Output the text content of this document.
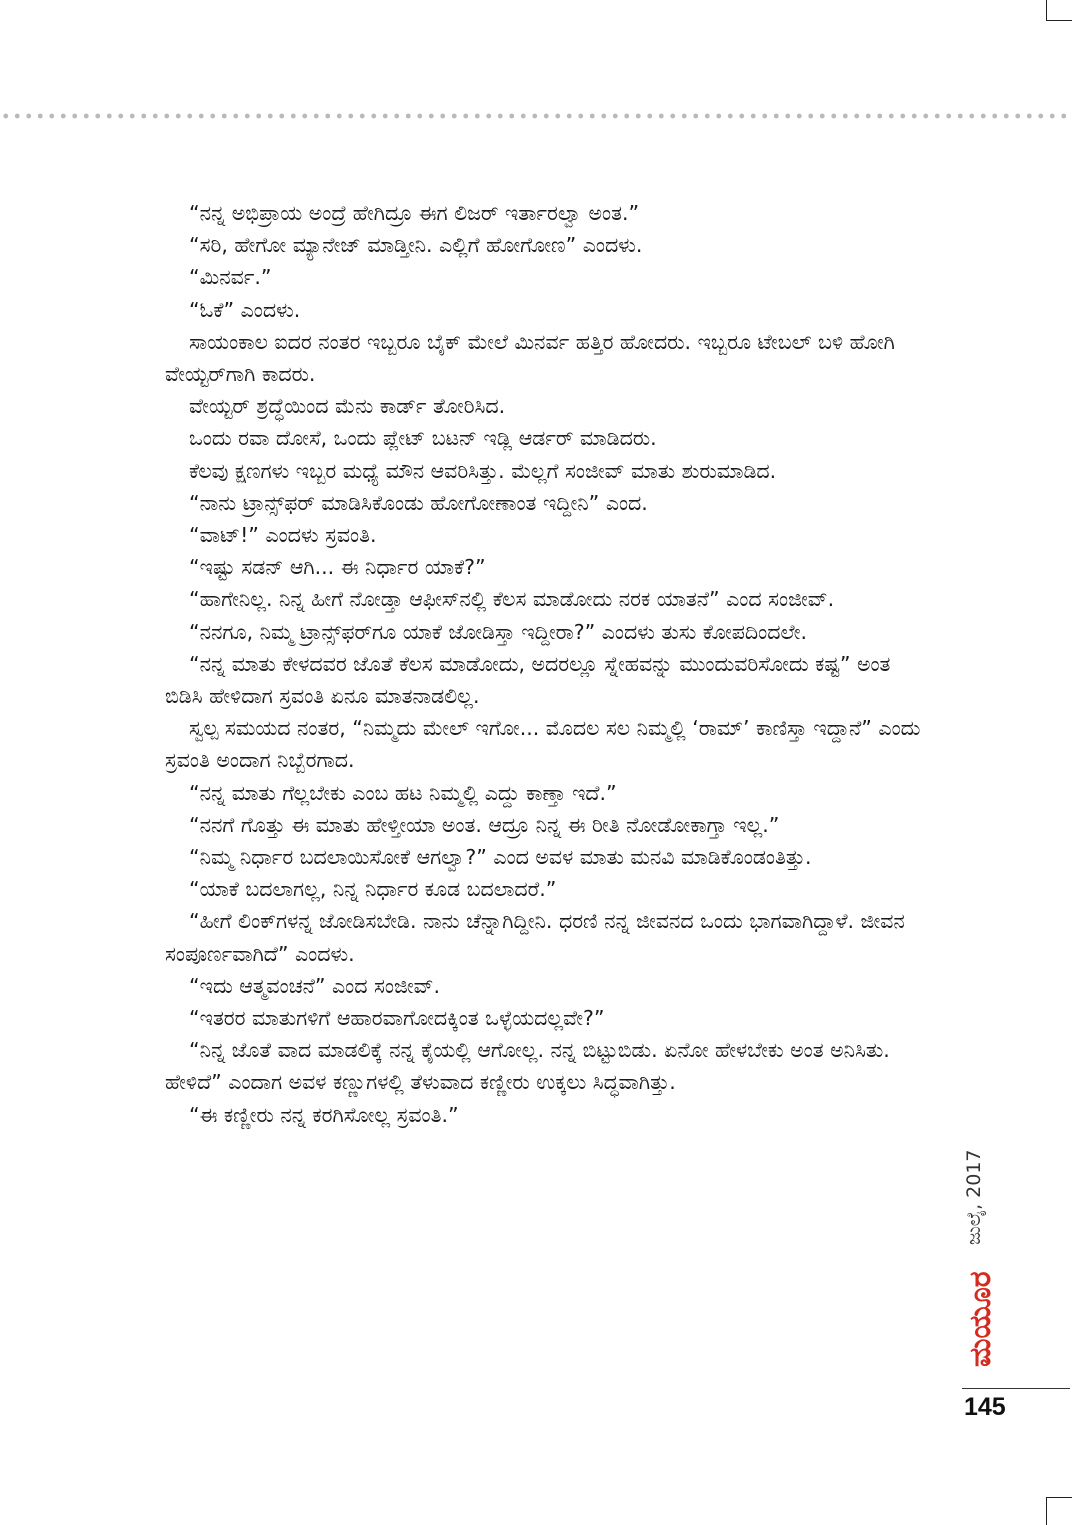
“ನನ್ನ ಅಭಿಪ್ರಾಯ ಅಂದ್ರೆ ಹೇಗಿದ್ರೂ ಈಗ ಲಿಜರ್ ಇರ್ತಾರಲ್ವಾ ಅಂತ.”

“ಸರಿ, ಹೇಗೋ ಮ್ಯಾನೇಜ್ ಮಾಡ್ತೀನಿ. ಎಲ್ಲಿಗೆ ಹೋಗೋಣ” ಎಂದಳು.

“ಮಿನರ್ವ.”

“ಓಕೆ” ಎಂದಳು.

ಸಾಯಂಕಾಲ ಐದರ ನಂತರ ಇಬ್ಬರೂ ಬೈಕ್ ಮೇಲೆ ಮಿನರ್ವ ಹತ್ತಿರ ಹೋದರು. ಇಬ್ಬರೂ ಟೇಬಲ್ ಬಳಿ ಹೋಗಿ ವೇಯ್ಟರ್‌ಗಾಗಿ ಕಾದರು.

ವೇಯ್ಟರ್ ಶ್ರದ್ಧೆಯಿಂದ ಮೆನು ಕಾರ್ಡ್ ತೋರಿಸಿದ.

ಒಂದು ರವಾ ದೋಸೆ, ಒಂದು ಪ್ಲೇಟ್ ಬಟನ್ ಇಡ್ಲಿ ಆರ್ಡರ್ ಮಾಡಿದರು.

ಕೆಲವು ಕ್ಷಣಗಳು ಇಬ್ಬರ ಮಧ್ಯೆ ಮೌನ ಆವರಿಸಿತ್ತು. ಮೆಲ್ಲಗೆ ಸಂಜೀವ್ ಮಾತು ಶುರುಮಾಡಿದ.

“ನಾನು ಟ್ರಾನ್ಸ್‌ಫರ್ ಮಾಡಿಸಿಕೊಂಡು ಹೋಗೋಣಾಂತ ಇದ್ದೀನಿ” ಎಂದ.

“ವಾಟ್!” ಎಂದಳು ಸ್ರವಂತಿ.

“ಇಷ್ಟು ಸಡನ್ ಆಗಿ... ಈ ನಿರ್ಧಾರ ಯಾಕೆ?”

“ಹಾಗೇನಿಲ್ಲ. ನಿನ್ನ ಹೀಗೆ ನೋಡ್ತಾ ಆಫೀಸ್‌ನಲ್ಲಿ ಕೆಲಸ ಮಾಡೋದು ನರಕ ಯಾತನೆ” ಎಂದ ಸಂಜೀವ್.

“ನನಗೂ, ನಿಮ್ಮ ಟ್ರಾನ್ಸ್‌ಫರ್‌ಗೂ ಯಾಕೆ ಜೋಡಿಸ್ತಾ ಇದ್ದೀರಾ?” ಎಂದಳು ತುಸು ಕೋಪದಿಂದಲೇ.

“ನನ್ನ ಮಾತು ಕೇಳದವರ ಜೊತೆ ಕೆಲಸ ಮಾಡೋದು, ಅದರಲ್ಲೂ ಸ್ನೇಹವನ್ನು ಮುಂದುವರಿಸೋದು ಕಷ್ಟ” ಅಂತ ಬಿಡಿಸಿ ಹೇಳಿದಾಗ ಸ್ರವಂತಿ ಏನೂ ಮಾತನಾಡಲಿಲ್ಲ.

ಸ್ವಲ್ಪ ಸಮಯದ ನಂತರ, “ನಿಮ್ಮದು ಮೇಲ್ ಇಗೋ... ಮೊದಲ ಸಲ ನಿಮ್ಮಲ್ಲಿ ‘ರಾಮ್’ ಕಾಣಿಸ್ತಾ ಇದ್ದಾನೆ” ಎಂದು ಸ್ರವಂತಿ ಅಂದಾಗ ನಿಬ್ಬೆರಗಾದ.

“ನನ್ನ ಮಾತು ಗೆಲ್ಲಬೇಕು ಎಂಬ ಹಟ ನಿಮ್ಮಲ್ಲಿ ಎದ್ದು ಕಾಣ್ತಾ ಇದೆ.”

“ನನಗೆ ಗೊತ್ತು ಈ ಮಾತು ಹೇಳ್ತೀಯಾ ಅಂತ. ಆದ್ರೂ ನಿನ್ನ ಈ ರೀತಿ ನೋಡೋಕಾಗ್ತಾ ಇಲ್ಲ.”

“ನಿಮ್ಮ ನಿರ್ಧಾರ ಬದಲಾಯಿಸೋಕೆ ಆಗಲ್ವಾ?” ಎಂದ ಅವಳ ಮಾತು ಮನವಿ ಮಾಡಿಕೊಂಡಂತಿತ್ತು.

“ಯಾಕೆ ಬದಲಾಗಲ್ಲ, ನಿನ್ನ ನಿರ್ಧಾರ ಕೂಡ ಬದಲಾದರೆ.”

“ಹೀಗೆ ಲಿಂಕ್‌ಗಳನ್ನ ಜೋಡಿಸಬೇಡಿ. ನಾನು ಚೆನ್ನಾಗಿದ್ದೀನಿ. ಧರಣಿ ನನ್ನ ಜೀವನದ ಒಂದು ಭಾಗವಾಗಿದ್ದಾಳೆ. ಜೀವನ ಸಂಪೂರ್ಣವಾಗಿದೆ” ಎಂದಳು.

“ಇದು ಆತ್ಮವಂಚನೆ” ಎಂದ ಸಂಜೀವ್.

“ಇತರರ ಮಾತುಗಳಿಗೆ ಆಹಾರವಾಗೋದಕ್ಕಿಂತ ಒಳ್ಳೆಯದಲ್ಲವೇ?”

“ನಿನ್ನ ಜೊತೆ ವಾದ ಮಾಡಲಿಕ್ಕೆ ನನ್ನ ಕೈಯಲ್ಲಿ ಆಗೋಲ್ಲ. ನನ್ನ ಬಿಟ್ಟುಬಿಡು. ಏನೋ ಹೇಳಬೇಕು ಅಂತ ಅನಿಸಿತು. ಹೇಳಿದೆ” ಎಂದಾಗ ಅವಳ ಕಣ್ಣುಗಳಲ್ಲಿ ತೆಳುವಾದ ಕಣ್ಣೀರು ಉಕ್ಕಲು ಸಿದ್ಧವಾಗಿತ್ತು.

“ಈ ಕಣ್ಣೀರು ನನ್ನ ಕರಗಿಸೋಲ್ಲ ಸ್ರವಂತಿ.”

ಜುಲೈ, 2017
ಮಯೂರ
145
